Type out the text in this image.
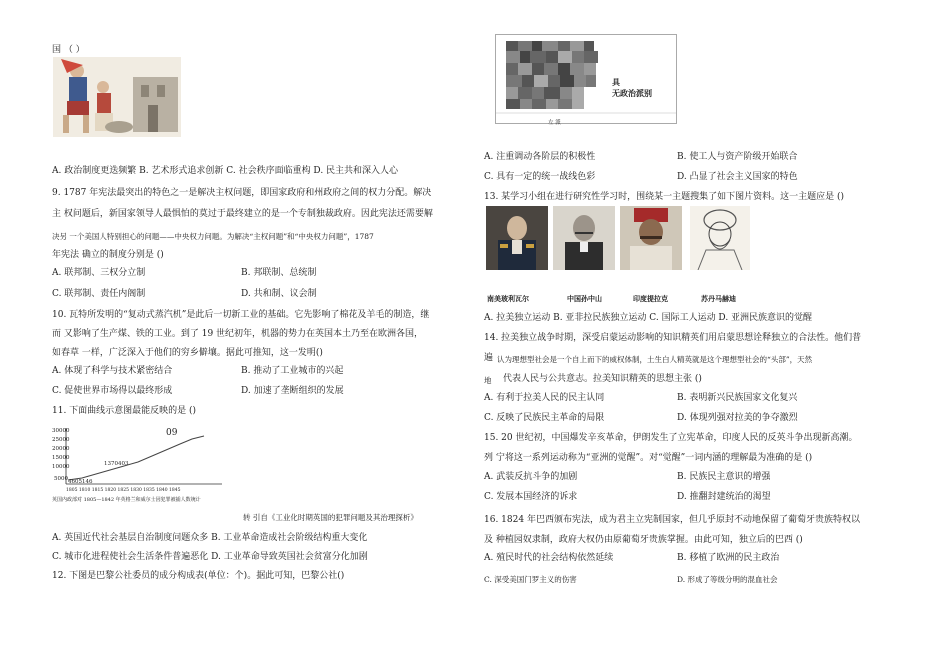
国 （ ）
A. 政治制度更迭频繁 B. 艺术形式追求创新 C. 社会秩序面临重构 D. 民主共和深入人心
9. 1787 年宪法最突出的特色之一是解决主权问题，即国家政府和州政府之间的权力分配。解决
主 权问题后，新国家领导人最惧怕的莫过于最终建立的是一个专制独裁政府。因此宪法还需要解
决另 一个美国人特别担心的问题——中央权力问题。为解决“主权问题”和“中央权力问题”，1787
年宪法 确立的制度分别是 ()
A. 联邦制、三权分立制	B. 邦联制、总统制
C. 联邦制、责任内阁制	D. 共和制、议会制
10. 瓦特所发明的“复动式蒸汽机”是此后一切新工业的基础。它先影响了棉花及羊毛的制造，继
而 又影响了生产煤、铁的工业。到了 19 世纪初年，机器的势力在英国本土乃至在欧洲各国，
如春草 一样，广泛深入于他们的穷乡僻壤。据此可推知，这一发明()
A. 体现了科学与技术紧密结合	B. 推动了工业城市的兴起
C. 促使世界市场得以最终形成	D. 加速了垄断组织的发展
11. 下面曲线示意图最能反映的是 ()
30000
25000
20000
15000
10000
5000 4605146
1370403
09
1805 1810 1815 1820 1825 1830 1835 1840 1845
英国内政部对 1805—1842 年英格兰和威尔士因犯罪被捕人数统计
转 引自《工业化时期英国的犯罪问题及其治理探析》
A. 英国近代社会基层自治制度问题众多 B. 工业革命造成社会阶级结构重大变化
C. 城市化进程使社会生活条件普遍恶化 D. 工业革命导致英国社会贫富分化加剧
12. 下图是巴黎公社委员的成分构成表(单位：个)。据此可知，巴黎公社()
具
无政治派别
左 派
A. 注重调动各阶层的积极性	B. 使工人与资产阶级开始联合
C. 具有一定的统一战线色彩	D. 凸显了社会主义国家的特色
13. 某学习小组在进行研究性学习时，围绕某一主题搜集了如下图片资料。这一主题应是 ()
南美玻利瓦尔	中国孙中山	印度提拉克	苏丹马赫迪
A. 拉美独立运动 B. 亚非拉民族独立运动 C. 国际工人运动 D. 亚洲民族意识的觉醒
14. 拉美独立战争时期，深受启蒙运动影响的知识精英们用启蒙思想诠释独立的合法性。他们普
遍 认为理想型社会是一个自上而下的威权体制，土生白人精英就是这个理想型社会的“头部”，天然
地 代表人民与公共意志。拉美知识精英的思想主张 ()
A. 有利于拉美人民的民主认同	B. 表明新兴民族国家文化复兴
C. 反映了民族民主革命的局限	D. 体现列强对拉美的争夺激烈
15. 20 世纪初，中国爆发辛亥革命，伊朗发生了立宪革命，印度人民的反英斗争出现新高潮。
列 宁将这一系列运动称为“亚洲的觉醒”。对“觉醒”一词内涵的理解最为准确的是 ()
A. 武装反抗斗争的加剧	B. 民族民主意识的增强
C. 发展本国经济的诉求	D. 推翻封建统治的渴望
16. 1824 年巴西颁布宪法，成为君主立宪制国家，但几乎原封不动地保留了葡萄牙贵族特权以
及 种植园奴隶制，政府大权仍由原葡萄牙贵族掌握。由此可知，独立后的巴西 ()
A. 殖民时代的社会结构依然延续	B. 移植了欧洲的民主政治
C. 深受美国门罗主义的伤害	D. 形成了等级分明的混血社会
